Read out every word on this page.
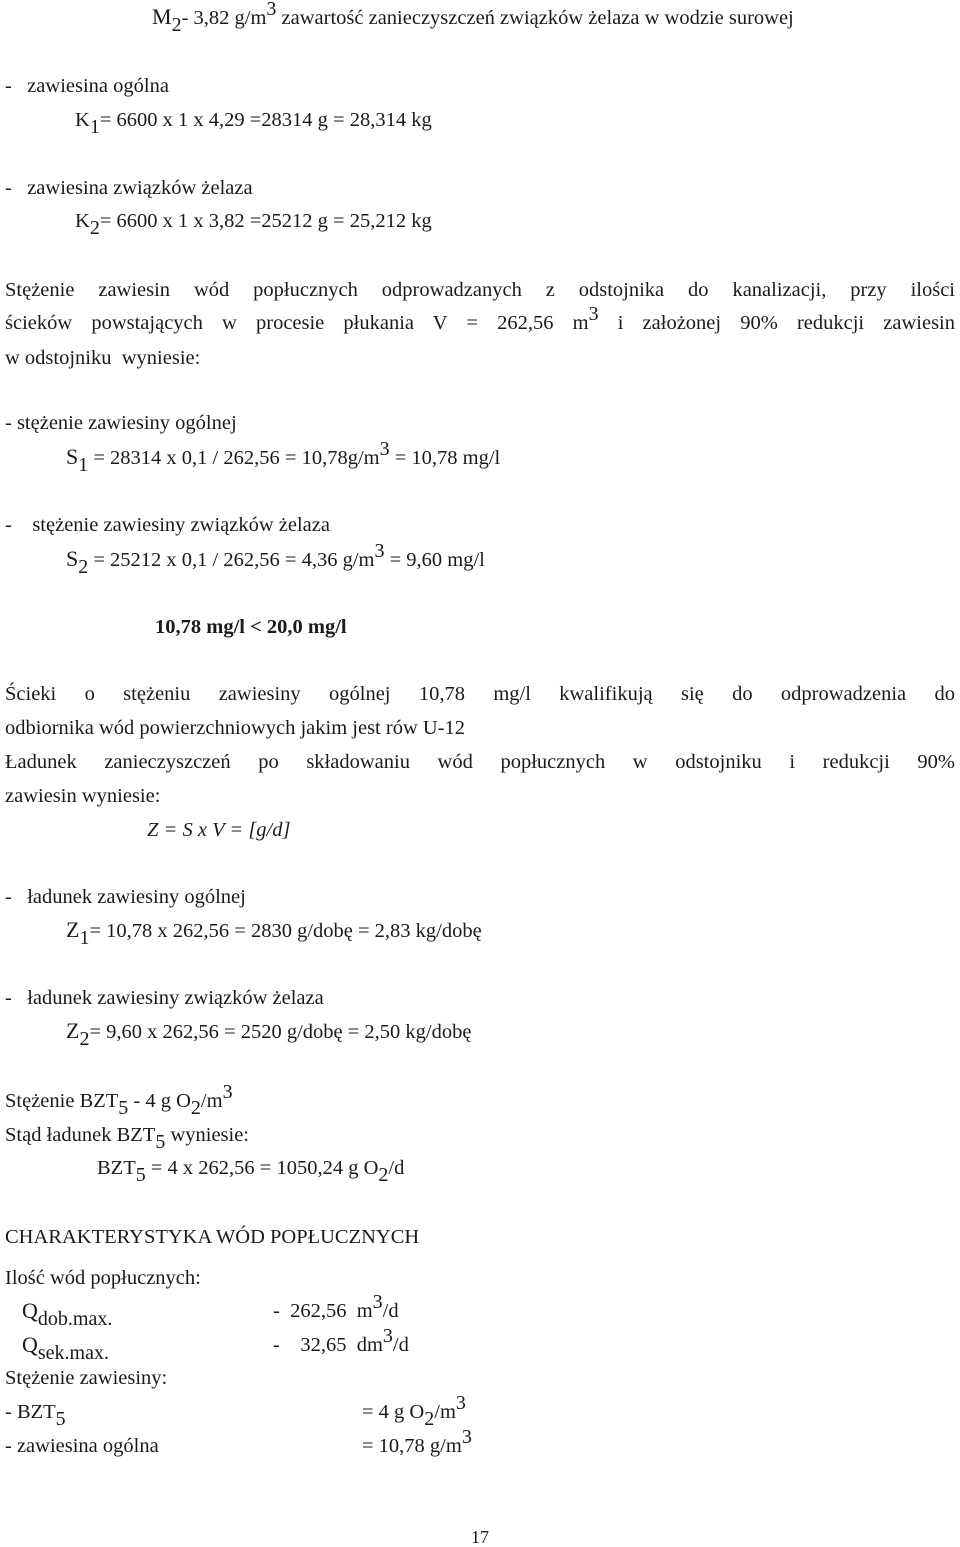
M2- 3,82 g/m3 zawartość zanieczyszczeń związków żelaza w wodzie surowej
-   zawiesina ogólna
K1= 6600 x 1 x 4,29 =28314 g = 28,314 kg
-   zawiesina związków żelaza
K2= 6600 x 1 x 3,82 =25212 g = 25,212 kg
Stężenie zawiesin wód popłucznych odprowadzanych z odstojnika do kanalizacji, przy ilości
ścieków powstających w procesie płukania V = 262,56 m3 i założonej 90% redukcji zawiesin
w odstojniku  wyniesie:
- stężenie zawiesiny ogólnej
S1 = 28314 x 0,1 / 262,56 = 10,78g/m3 = 10,78 mg/l
-    stężenie zawiesiny związków żelaza
S2 = 25212 x 0,1 / 262,56 = 4,36 g/m3 = 9,60 mg/l
10,78 mg/l < 20,0 mg/l
Ścieki o stężeniu zawiesiny ogólnej 10,78 mg/l kwalifikują się do odprowadzenia do
odbiornika wód powierzchniowych jakim jest rów U-12
Ładunek zanieczyszczeń po składowaniu wód popłucznych w odstojniku i redukcji 90%
zawiesin wyniesie:
Z = S x V = [g/d]
-   ładunek zawiesiny ogólnej
Z1= 10,78 x 262,56 = 2830 g/dobę = 2,83 kg/dobę
-   ładunek zawiesiny związków żelaza
Z2= 9,60 x 262,56 = 2520 g/dobę = 2,50 kg/dobę
Stężenie BZT5 - 4 g O2/m3
Stąd ładunek BZT5 wyniesie:
BZT5 = 4 x 262,56 = 1050,24 g O2/d
CHARAKTERYSTYKA WÓD POPŁUCZNYCH
Ilość wód popłucznych:
Qdob.max.	-  262,56  m3/d
Qsek.max.	-    32,65  dm3/d
Stężenie zawiesiny:
- BZT5	= 4 g O2/m3
- zawiesina ogólna	= 10,78 g/m3
17
